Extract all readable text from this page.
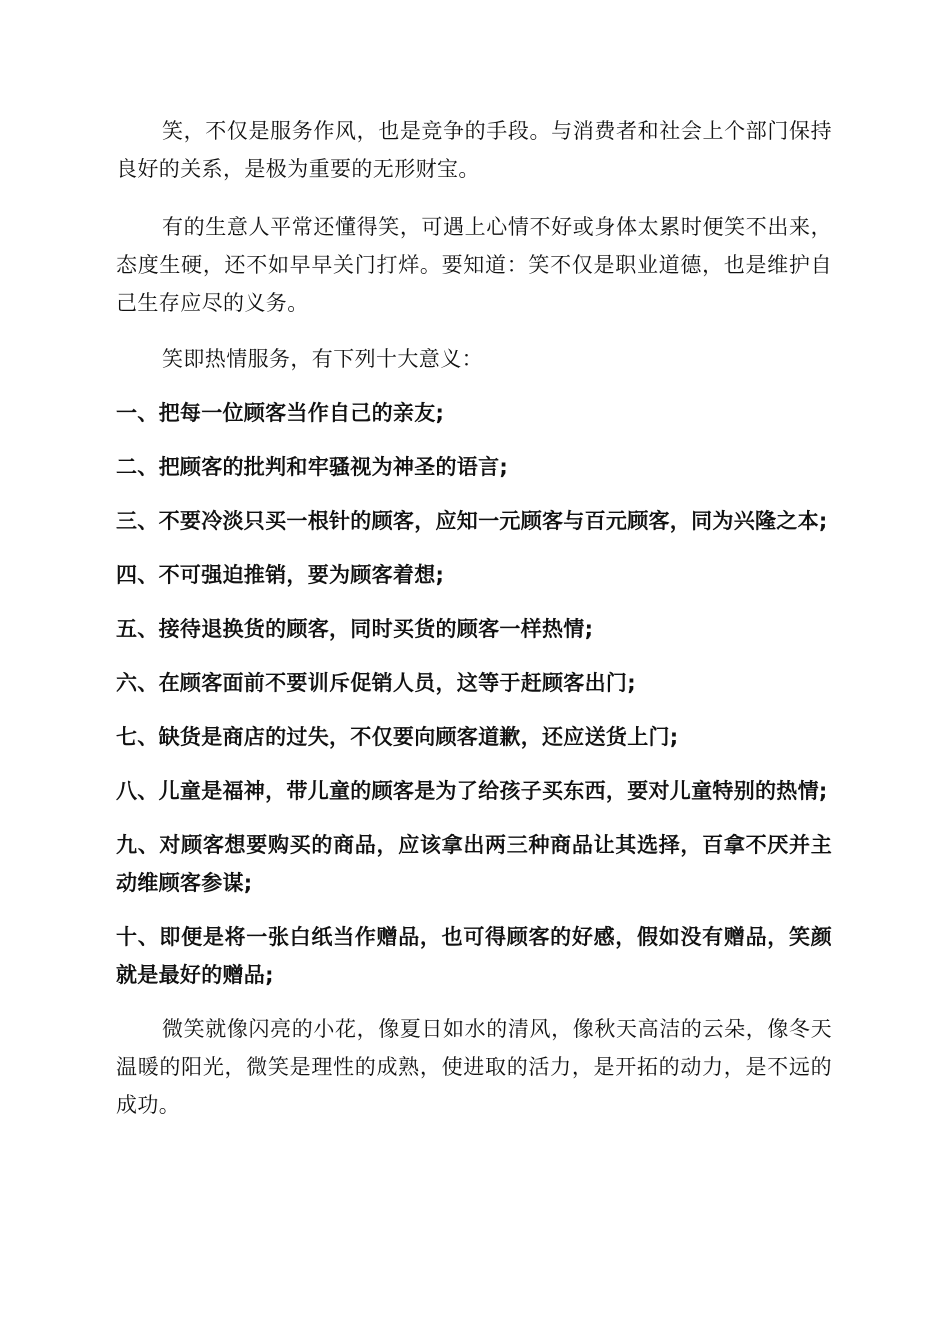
笑，不仅是服务作风，也是竞争的手段。与消费者和社会上个部门保持良好的关系，是极为重要的无形财宝。

有的生意人平常还懂得笑，可遇上心情不好或身体太累时便笑不出来，态度生硬，还不如早早关门打烊。要知道：笑不仅是职业道德，也是维护自己生存应尽的义务。

笑即热情服务，有下列十大意义：

一、把每一位顾客当作自己的亲友;
二、把顾客的批判和牢骚视为神圣的语言;
三、不要冷淡只买一根针的顾客，应知一元顾客与百元顾客，同为兴隆之本;
四、不可强迫推销，要为顾客着想;
五、接待退换货的顾客，同时买货的顾客一样热情;
六、在顾客面前不要训斥促销人员，这等于赶顾客出门;
七、缺货是商店的过失，不仅要向顾客道歉，还应送货上门;
八、儿童是福神，带儿童的顾客是为了给孩子买东西，要对儿童特别的热情;
九、对顾客想要购买的商品，应该拿出两三种商品让其选择，百拿不厌并主动维顾客参谋;
十、即便是将一张白纸当作赠品，也可得顾客的好感，假如没有赠品，笑颜就是最好的赠品;

微笑就像闪亮的小花，像夏日如水的清风，像秋天高洁的云朵，像冬天温暖的阳光，微笑是理性的成熟，使进取的活力，是开拓的动力，是不远的成功。
